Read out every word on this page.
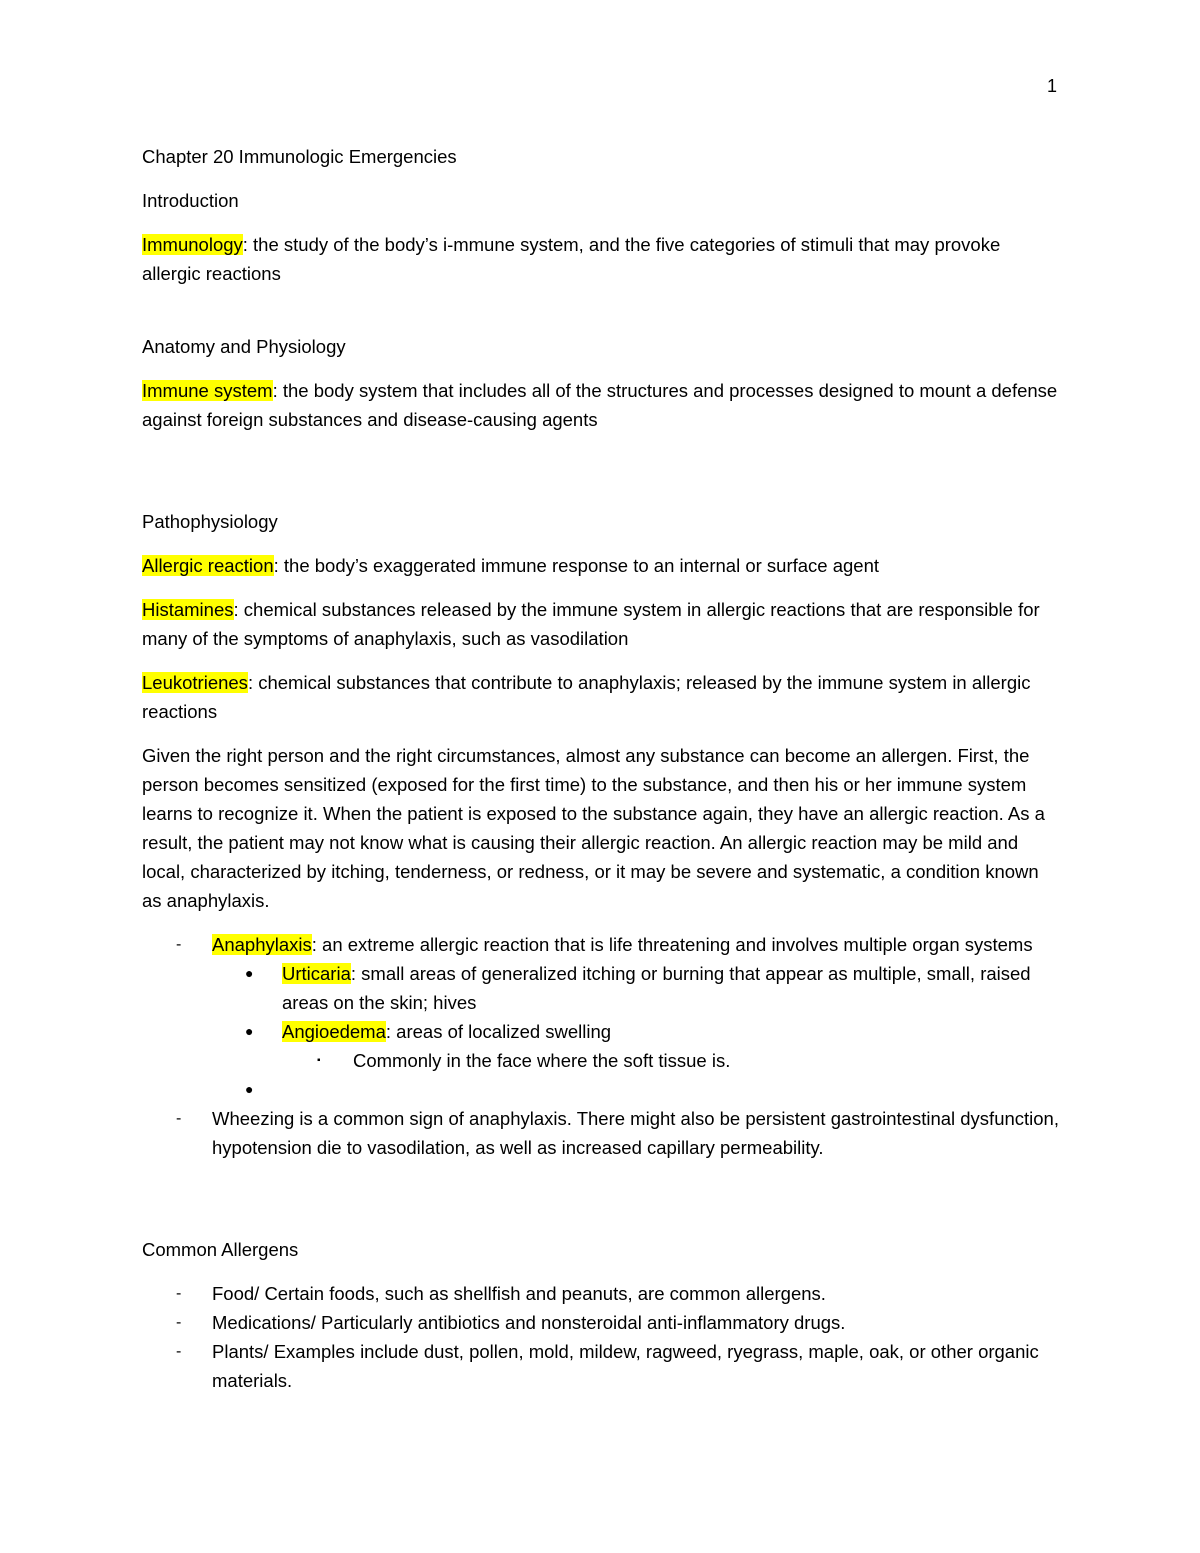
1

Chapter 20 Immunologic Emergencies

Introduction

Immunology: the study of the body’s i-mmune system, and the five categories of stimuli that may provoke allergic reactions

Anatomy and Physiology

Immune system: the body system that includes all of the structures and processes designed to mount a defense against foreign substances and disease-causing agents

Pathophysiology

Allergic reaction: the body’s exaggerated immune response to an internal or surface agent

Histamines: chemical substances released by the immune system in allergic reactions that are responsible for many of the symptoms of anaphylaxis, such as vasodilation

Leukotrienes: chemical substances that contribute to anaphylaxis; released by the immune system in allergic reactions

Given the right person and the right circumstances, almost any substance can become an allergen. First, the person becomes sensitized (exposed for the first time) to the substance, and then his or her immune system learns to recognize it. When the patient is exposed to the substance again, they have an allergic reaction. As a result, the patient may not know what is causing their allergic reaction. An allergic reaction may be mild and local, characterized by itching, tenderness, or redness, or it may be severe and systematic, a condition known as anaphylaxis.

- Anaphylaxis: an extreme allergic reaction that is life threatening and involves multiple organ systems
● Urticaria: small areas of generalized itching or burning that appear as multiple, small, raised areas on the skin; hives
● Angioedema: areas of localized swelling
▪ Commonly in the face where the soft tissue is.
●

- Wheezing is a common sign of anaphylaxis. There might also be persistent gastrointestinal dysfunction, hypotension die to vasodilation, as well as increased capillary permeability.

Common Allergens

- Food/ Certain foods, such as shellfish and peanuts, are common allergens.
- Medications/ Particularly antibiotics and nonsteroidal anti-inflammatory drugs.
- Plants/ Examples include dust, pollen, mold, mildew, ragweed, ryegrass, maple, oak, or other organic materials.
